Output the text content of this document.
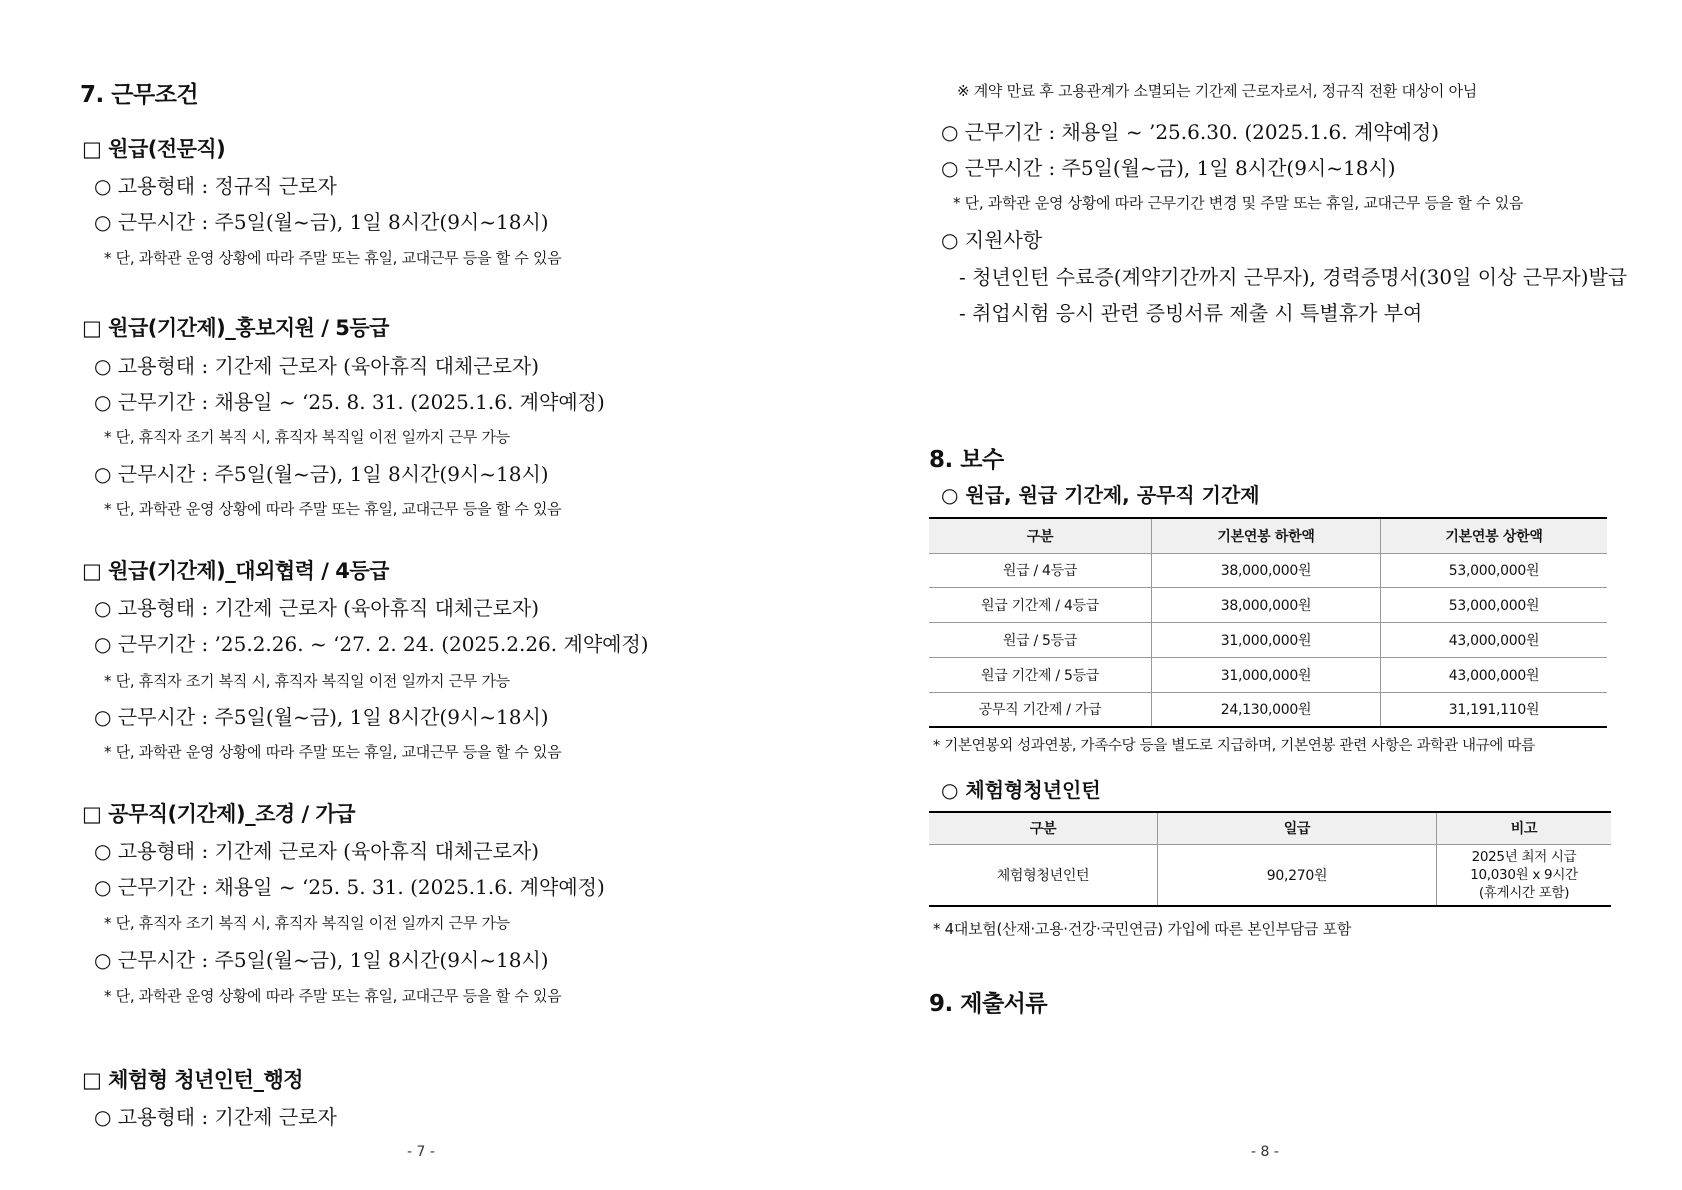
7. 근무조건
□ 원급(전문직)
○ 고용형태 : 정규직 근로자
○ 근무시간 : 주5일(월~금), 1일 8시간(9시~18시)
* 단, 과학관 운영 상황에 따라 주말 또는 휴일, 교대근무 등을 할 수 있음
□ 원급(기간제)_홍보지원 / 5등급
○ 고용형태 : 기간제 근로자 (육아휴직 대체근로자)
○ 근무기간 : 채용일 ~ ‘25. 8. 31. (2025.1.6. 계약예정)
* 단, 휴직자 조기 복직 시, 휴직자 복직일 이전 일까지 근무 가능
○ 근무시간 : 주5일(월~금), 1일 8시간(9시~18시)
* 단, 과학관 운영 상황에 따라 주말 또는 휴일, 교대근무 등을 할 수 있음
□ 원급(기간제)_대외협력 / 4등급
○ 고용형태 : 기간제 근로자 (육아휴직 대체근로자)
○ 근무기간 : ’25.2.26. ~ ‘27. 2. 24. (2025.2.26. 계약예정)
* 단, 휴직자 조기 복직 시, 휴직자 복직일 이전 일까지 근무 가능
○ 근무시간 : 주5일(월~금), 1일 8시간(9시~18시)
* 단, 과학관 운영 상황에 따라 주말 또는 휴일, 교대근무 등을 할 수 있음
□ 공무직(기간제)_조경 / 가급
○ 고용형태 : 기간제 근로자 (육아휴직 대체근로자)
○ 근무기간 : 채용일 ~ ‘25. 5. 31. (2025.1.6. 계약예정)
* 단, 휴직자 조기 복직 시, 휴직자 복직일 이전 일까지 근무 가능
○ 근무시간 : 주5일(월~금), 1일 8시간(9시~18시)
* 단, 과학관 운영 상황에 따라 주말 또는 휴일, 교대근무 등을 할 수 있음
□ 체험형 청년인턴_행정
○ 고용형태 : 기간제 근로자
- 7 -
※ 계약 만료 후 고용관계가 소멸되는 기간제 근로자로서, 정규직 전환 대상이 아님
○ 근무기간 : 채용일 ~ ’25.6.30. (2025.1.6. 계약예정)
○ 근무시간 : 주5일(월~금), 1일 8시간(9시~18시)
* 단, 과학관 운영 상황에 따라 근무기간 변경 및 주말 또는 휴일, 교대근무 등을 할 수 있음
○ 지원사항
- 청년인턴 수료증(계약기간까지 근무자), 경력증명서(30일 이상 근무자)발급
- 취업시험 응시 관련 증빙서류 제출 시 특별휴가 부여
8. 보수
○ 원급, 원급 기간제, 공무직 기간제
구분	기본연봉 하한액	기본연봉 상한액
원급 / 4등급	38,000,000원	53,000,000원
원급 기간제 / 4등급	38,000,000원	53,000,000원
원급 / 5등급	31,000,000원	43,000,000원
원급 기간제 / 5등급	31,000,000원	43,000,000원
공무직 기간제 / 가급	24,130,000원	31,191,110원
* 기본연봉외 성과연봉, 가족수당 등을 별도로 지급하며, 기본연봉 관련 사항은 과학관 내규에 따름
○ 체험형청년인턴
구분	일급	비고
체험형청년인턴	90,270원	2025년 최저 시급
10,030원 x 9시간
(휴게시간 포함)
* 4대보험(산재·고용·건강·국민연금) 가입에 따른 본인부담금 포함
9. 제출서류
- 8 -
